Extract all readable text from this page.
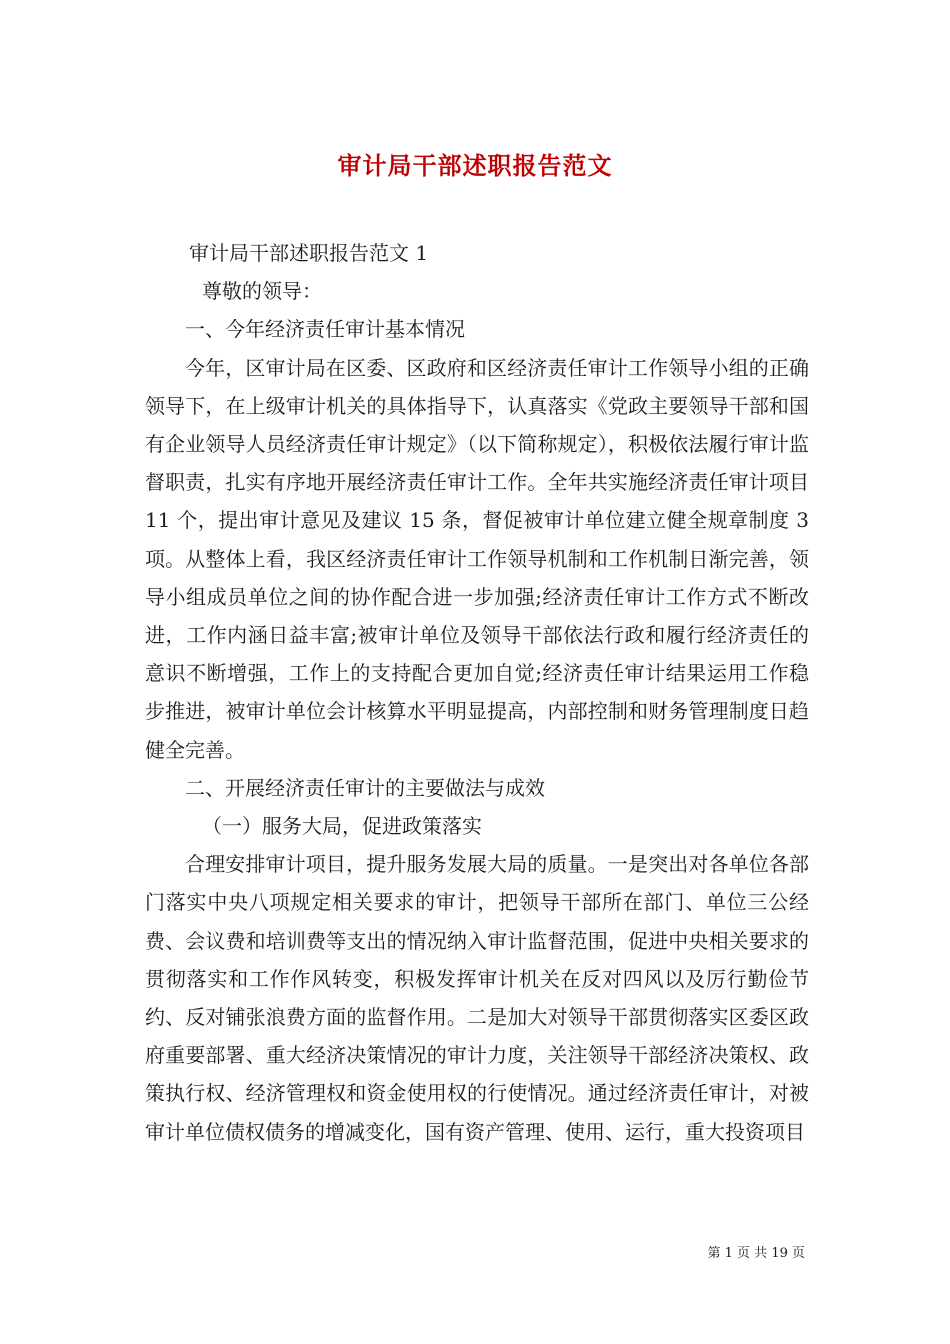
审计局干部述职报告范文

审计局干部述职报告范文 1

尊敬的领导：

一、今年经济责任审计基本情况

今年，区审计局在区委、区政府和区经济责任审计工作领导小组的正确领导下，在上级审计机关的具体指导下，认真落实《党政主要领导干部和国有企业领导人员经济责任审计规定》（以下简称规定），积极依法履行审计监督职责，扎实有序地开展经济责任审计工作。全年共实施经济责任审计项目 11 个，提出审计意见及建议 15 条，督促被审计单位建立健全规章制度 3 项。从整体上看，我区经济责任审计工作领导机制和工作机制日渐完善，领导小组成员单位之间的协作配合进一步加强;经济责任审计工作方式不断改进，工作内涵日益丰富;被审计单位及领导干部依法行政和履行经济责任的意识不断增强，工作上的支持配合更加自觉;经济责任审计结果运用工作稳步推进，被审计单位会计核算水平明显提高，内部控制和财务管理制度日趋健全完善。

二、开展经济责任审计的主要做法与成效

（一）服务大局，促进政策落实

合理安排审计项目，提升服务发展大局的质量。一是突出对各单位各部门落实中央八项规定相关要求的审计，把领导干部所在部门、单位三公经费、会议费和培训费等支出的情况纳入审计监督范围，促进中央相关要求的贯彻落实和工作作风转变，积极发挥审计机关在反对四风以及厉行勤俭节约、反对铺张浪费方面的监督作用。二是加大对领导干部贯彻落实区委区政府重要部署、重大经济决策情况的审计力度，关注领导干部经济决策权、政策执行权、经济管理权和资金使用权的行使情况。通过经济责任审计，对被审计单位债权债务的增减变化，国有资产管理、使用、运行，重大投资项目

第 1 页 共 19 页
